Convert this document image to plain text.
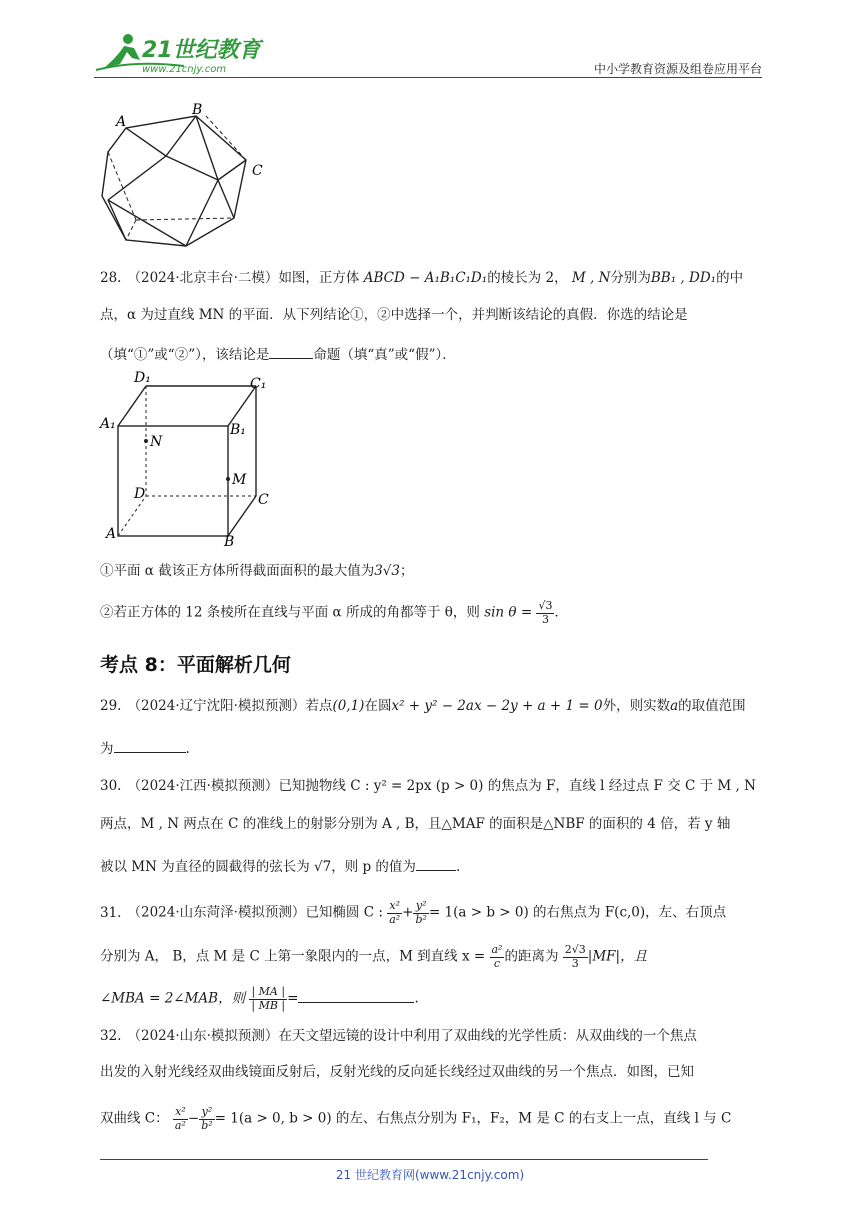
21世纪教育
www.21cnjy.com	中小学教育资源及组卷应用平台
A
B
C
28. （2024·北京丰台·二模）如图，正方体 ABCD − A₁B₁C₁D₁的棱长为 2， M , N分别为BB₁ , DD₁的中
点，α 为过直线 MN 的平面．从下列结论①，②中选择一个，并判断该结论的真假．你选的结论是
（填“①”或“②”），该结论是	命题（填“真”或“假”）．
D₁	C₁
A₁	B₁
N
M
D	C
A	B
①平面 α 截该正方体所得截面面积的最大值为3√3；
②若正方体的 12 条棱所在直线与平面 α 所成的角都等于 θ，则 $\sin \theta = \frac{√3}{3}$ ．
考点 8：平面解析几何
29. （2024·辽宁沈阳·模拟预测）若点(0,1)在圆x² + y² − 2ax − 2y + a + 1 = 0外，则实数a的取值范围
为	.
30. （2024·江西·模拟预测）已知抛物线 C : y² = 2px (p > 0) 的焦点为 F，直线 l 经过点 F 交 C 于 M , N
两点，M , N 两点在 C 的准线上的射影分别为 A , B，且△MAF 的面积是△NBF 的面积的 4 倍，若 y 轴
被以 MN 为直径的圆截得的弦长为 √7，则 p 的值为	.
31. （2024·山东菏泽·模拟预测）已知椭圆 C : $\frac{\text{x²}}{\text{a²}} + \frac{\text{y²}}{\text{b²}} = 1(a > b > 0)$ 的右焦点为 F(c,0)，左、右顶点
分别为 A， B，点 M 是 C 上第一象限内的一点，M 到直线 $x = \frac{\text{a²}}{c}$ 的距离为 $\frac{2√3}{3} |MF|$，且
∠MBA = 2∠MAB，则 $\frac{| MA |}{| MB |}$ =	.
32. （2024·山东·模拟预测）在天文望远镜的设计中利用了双曲线的光学性质：从双曲线的一个焦点
出发的入射光线经双曲线镜面反射后，反射光线的反向延长线经过双曲线的另一个焦点．如图，已知
双曲线 C： $\frac{\text{x²}}{\text{a²}} - \frac{\text{y²}}{\text{b²}} = 1(a > 0$, b > 0) 的左、右焦点分别为 F₁，F₂，M 是 C 的右支上一点，直线 l 与 C
21 世纪教育网(www.21cnjy.com)
